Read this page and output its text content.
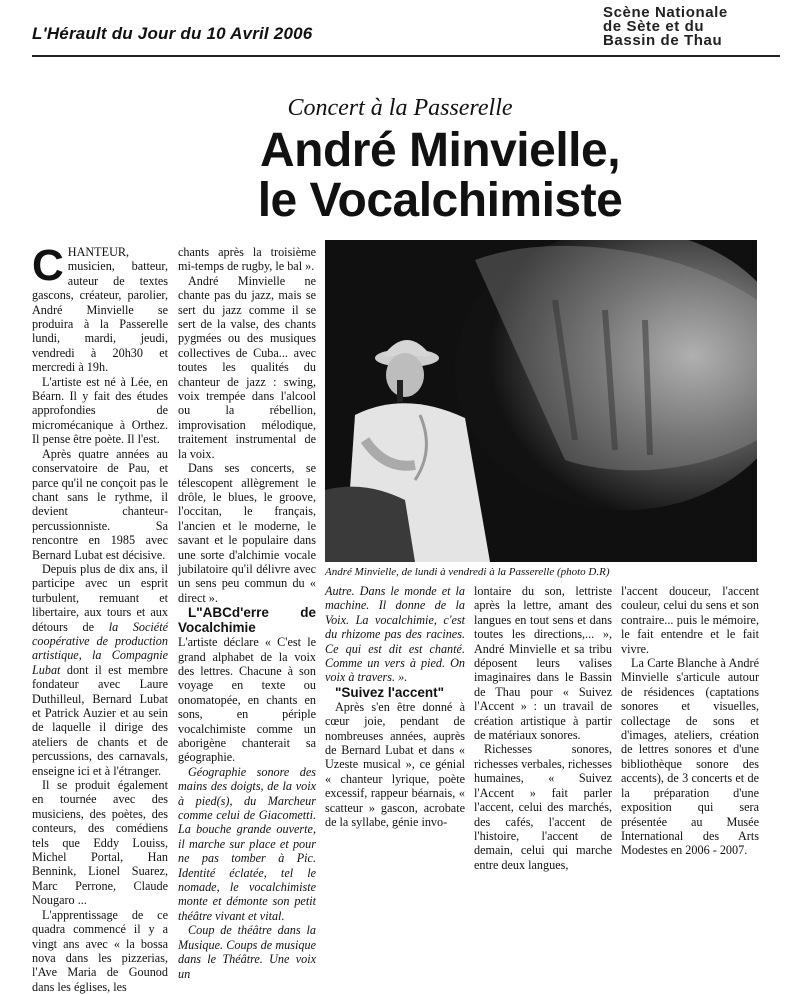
L'Hérault du Jour du 10 Avril 2006
Scène Nationale
de Sète et du
Bassin de Thau
Concert à la Passerelle
André Minvielle,
le Vocalchimiste

CHANTEUR, musicien, batteur, auteur de textes gascons, créateur, parolier, André Minvielle se produira à la Passerelle lundi, mardi, jeudi, vendredi à 20h30 et mercredi à 19h.

L'artiste est né à Lée, en Béarn. Il y fait des études approfondies de micromécanique à Orthez. Il pense être poète. Il l'est.

Après quatre années au conservatoire de Pau, et parce qu'il ne conçoit pas le chant sans le rythme, il devient chanteur-percussionniste. Sa rencontre en 1985 avec Bernard Lubat est décisive.

Depuis plus de dix ans, il participe avec un esprit turbulent, remuant et libertaire, aux tours et aux détours de la Société coopérative de production artistique, la Compagnie Lubat dont il est membre fondateur avec Laure Duthilleul, Bernard Lubat et Patrick Auzier et au sein de laquelle il dirige des ateliers de chants et de percussions, des carnavals, enseigne ici et à l'étranger.

Il se produit également en tournée avec des musiciens, des poètes, des conteurs, des comédiens tels que Eddy Louiss, Michel Portal, Han Bennink, Lionel Suarez, Marc Perrone, Claude Nougaro ...

L'apprentissage de ce quadra commencé il y a vingt ans avec « la bossa nova dans les pizzerias, l'Ave Maria de Gounod dans les églises, les

chants après la troisième mi-temps de rugby, le bal ».

André Minvielle ne chante pas du jazz, mais se sert du jazz comme il se sert de la valse, des chants pygmées ou des musiques collectives de Cuba... avec toutes les qualités du chanteur de jazz : swing, voix trempée dans l'alcool ou la rébellion, improvisation mélodique, traitement instrumental de la voix.

Dans ses concerts, se télescopent allègrement le drôle, le blues, le groove, l'occitan, le français, l'ancien et le moderne, le savant et le populaire dans une sorte d'alchimie vocale jubilatoire qu'il délivre avec un sens peu commun du « direct ».

L"ABCd'erre de Vocalchimie

L'artiste déclare « C'est le grand alphabet de la voix des lettres. Chacune à son voyage en texte ou onomatopée, en chants en sons, en périple vocalchimiste comme un aborigène chanterait sa géographie.

Géographie sonore des mains des doigts, de la voix à pied(s), du Marcheur comme celui de Giacometti. La bouche grande ouverte, il marche sur place et pour ne pas tomber à Pic. Identité éclatée, tel le nomade, le vocalchimiste monte et démonte son petit théâtre vivant et vital.

Coup de théâtre dans la Musique. Coups de musique dans le Théâtre. Une voix un

André Minvielle, de lundi à vendredi à la Passerelle (photo D.R)

Autre. Dans le monde et la machine. Il donne de la Voix. La vocalchimie, c'est du rhizome pas des racines. Ce qui est dit est chanté. Comme un vers à pied. On voix à travers. ».

"Suivez l'accent"

Après s'en être donné à cœur joie, pendant de nombreuses années, auprès de Bernard Lubat et dans « Uzeste musical », ce génial « chanteur lyrique, poète excessif, rappeur béarnais, « scatteur » gascon, acrobate de la syllabe, génie invo-

lontaire du son, lettriste après la lettre, amant des langues en tout sens et dans toutes les directions,... », André Minvielle et sa tribu déposent leurs valises imaginaires dans le Bassin de Thau pour « Suivez l'Accent » : un travail de création artistique à partir de matériaux sonores.

Richesses sonores, richesses verbales, richesses humaines, « Suivez l'Accent » fait parler l'accent, celui des marchés, des cafés, l'accent de l'histoire, l'accent de demain, celui qui marche entre deux langues,

l'accent douceur, l'accent couleur, celui du sens et son contraire... puis le mémoire, le fait entendre et le fait vivre.

La Carte Blanche à André Minvielle s'articule autour de résidences (captations sonores et visuelles, collectage de sons et d'images, ateliers, création de lettres sonores et d'une bibliothèque sonore des accents), de 3 concerts et de la préparation d'une exposition qui sera présentée au Musée International des Arts Modestes en 2006 - 2007.
